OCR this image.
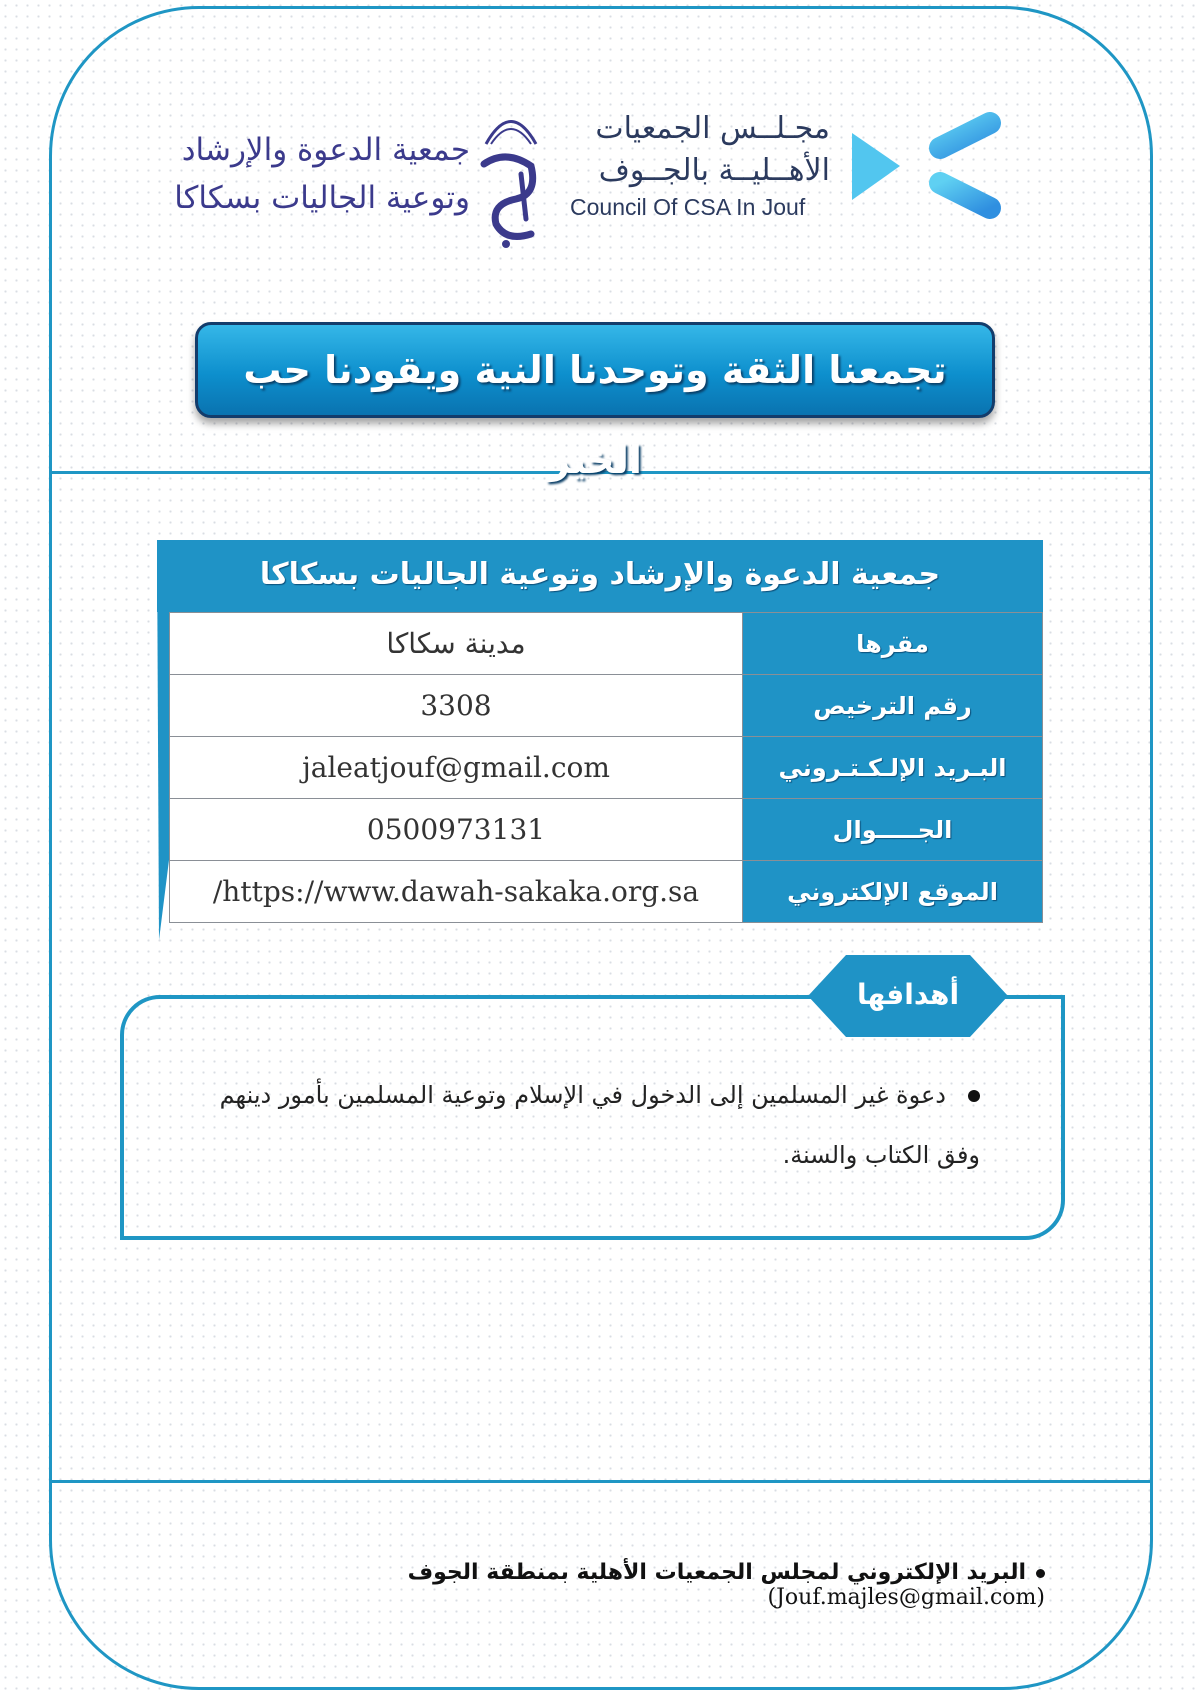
مجـلــس الجمعيات
الأهــليــة بالجــوف
Council Of CSA In Jouf
جمعية الدعوة والإرشاد
وتوعية الجاليات بسكاكا
تجمعنا الثقة وتوحدنا النية ويقودنا حب الخير
جمعية الدعوة والإرشاد وتوعية الجاليات بسكاكا
مدينة سكاكا	مقرها
3308	رقم الترخيص
jaleatjouf@gmail.com	البـريد الإلـكـتـروني
0500973131	الجـــــوال
/https://www.dawah-sakaka.org.sa	الموقع الإلكتروني
أهدافها
دعوة غير المسلمين إلى الدخول في الإسلام وتوعية المسلمين بأمور دينهم وفق الكتاب والسنة.
البريد الإلكتروني لمجلس الجمعيات الأهلية بمنطقة الجوف (Jouf.majles@gmail.com)
